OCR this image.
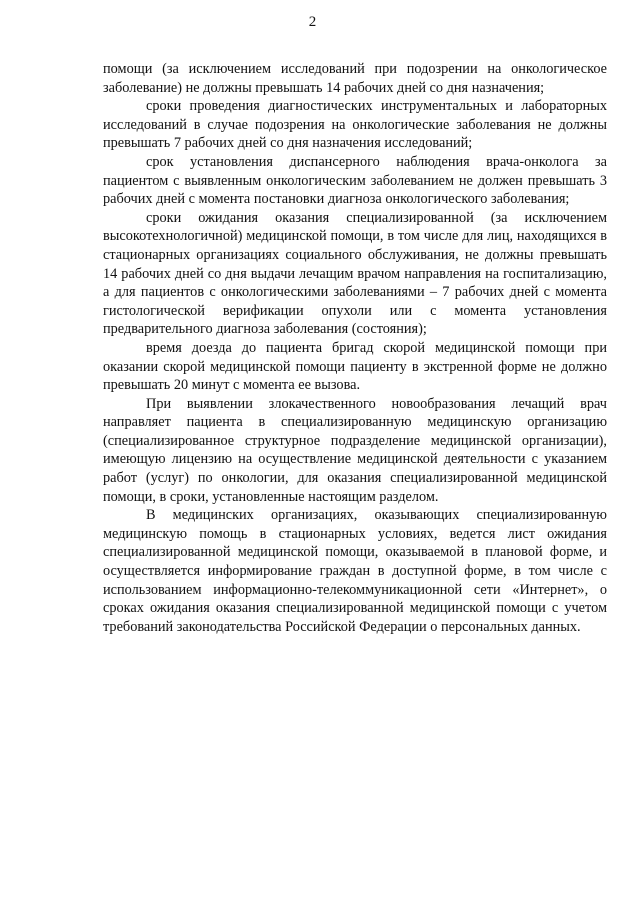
2

помощи (за исключением исследований при подозрении на онкологическое заболевание) не должны превышать 14 рабочих дней со дня назначения;

сроки проведения диагностических инструментальных и лабораторных исследований в случае подозрения на онкологические заболевания не должны превышать 7 рабочих дней со дня назначения исследований;

срок установления диспансерного наблюдения врача-онколога за пациентом с выявленным онкологическим заболеванием не должен превышать 3 рабочих дней с момента постановки диагноза онкологического заболевания;

сроки ожидания оказания специализированной (за исключением высокотехнологичной) медицинской помощи, в том числе для лиц, находящихся в стационарных организациях социального обслуживания, не должны превышать 14 рабочих дней со дня выдачи лечащим врачом направления на госпитализацию, а для пациентов с онкологическими заболеваниями – 7 рабочих дней с момента гистологической верификации опухоли или с момента установления предварительного диагноза заболевания (состояния);

время доезда до пациента бригад скорой медицинской помощи при оказании скорой медицинской помощи пациенту в экстренной форме не должно превышать 20 минут с момента ее вызова.

При выявлении злокачественного новообразования лечащий врач направляет пациента в специализированную медицинскую организацию (специализированное структурное подразделение медицинской организации), имеющую лицензию на осуществление медицинской деятельности с указанием работ (услуг) по онкологии, для оказания специализированной медицинской помощи, в сроки, установленные настоящим разделом.

В медицинских организациях, оказывающих специализированную медицинскую помощь в стационарных условиях, ведется лист ожидания специализированной медицинской помощи, оказываемой в плановой форме, и осуществляется информирование граждан в доступной форме, в том числе с использованием информационно-телекоммуникационной сети «Интернет», о сроках ожидания оказания специализированной медицинской помощи с учетом требований законодательства Российской Федерации о персональных данных.
